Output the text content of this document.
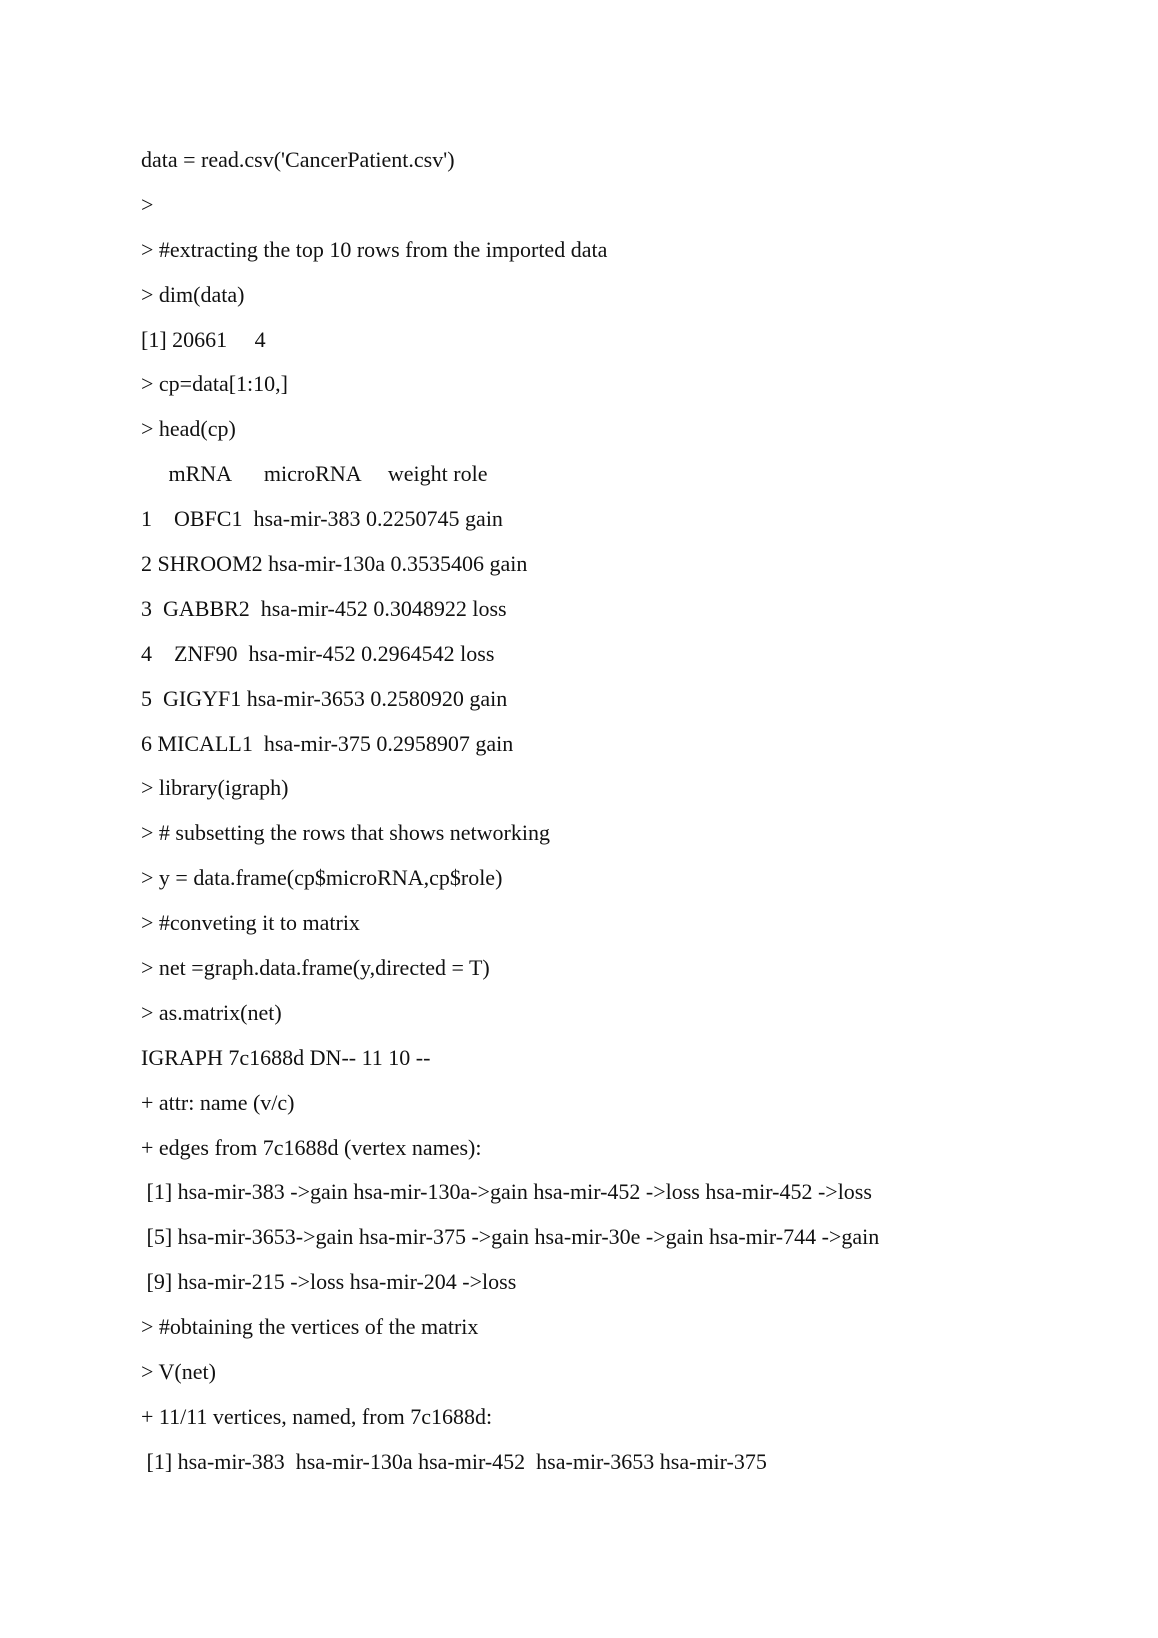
data = read.csv('CancerPatient.csv')

>

> #extracting the top 10 rows from the imported data

> dim(data)

[1] 20661     4

> cp=data[1:10,]

> head(cp)

mRNA      microRNA     weight role

1    OBFC1  hsa-mir-383 0.2250745 gain

2 SHROOM2 hsa-mir-130a 0.3535406 gain

3  GABBR2  hsa-mir-452 0.3048922 loss

4    ZNF90  hsa-mir-452 0.2964542 loss

5  GIGYF1 hsa-mir-3653 0.2580920 gain

6 MICALL1  hsa-mir-375 0.2958907 gain

> library(igraph)

> # subsetting the rows that shows networking

> y = data.frame(cp$microRNA,cp$role)

> #conveting it to matrix

> net =graph.data.frame(y,directed = T)

> as.matrix(net)

IGRAPH 7c1688d DN-- 11 10 --

+ attr: name (v/c)

+ edges from 7c1688d (vertex names):

[1] hsa-mir-383 ->gain hsa-mir-130a->gain hsa-mir-452 ->loss hsa-mir-452 ->loss

[5] hsa-mir-3653->gain hsa-mir-375 ->gain hsa-mir-30e ->gain hsa-mir-744 ->gain

[9] hsa-mir-215 ->loss hsa-mir-204 ->loss

> #obtaining the vertices of the matrix

> V(net)

+ 11/11 vertices, named, from 7c1688d:

[1] hsa-mir-383  hsa-mir-130a hsa-mir-452  hsa-mir-3653 hsa-mir-375
